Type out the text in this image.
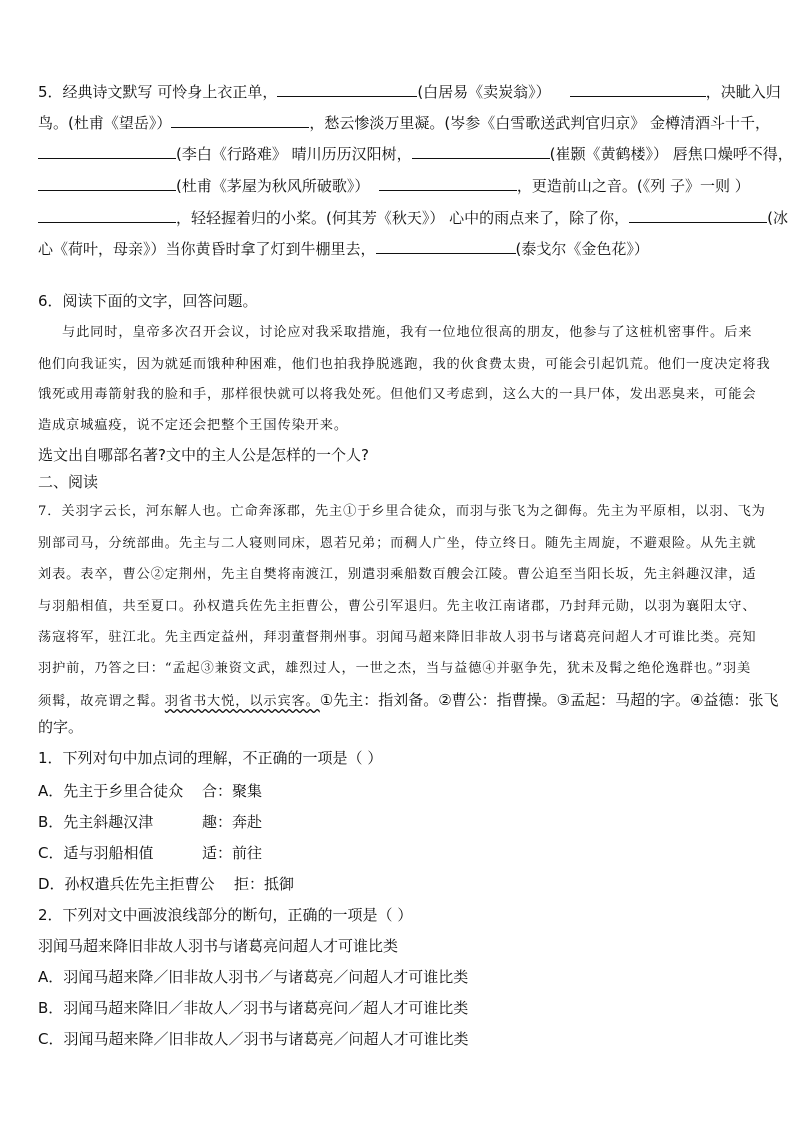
5．经典诗文默写 可怜身上衣正单，	(白居易《卖炭翁》）	，决眦入归
鸟。(杜甫《望岳》）	，愁云惨淡万里凝。(岑参《白雪歌送武判官归京》 金樽清酒斗十千，
(李白《行路难》 晴川历历汉阳树，	(崔颢《黄鹤楼》） 唇焦口燥呼不得，
(杜甫《茅屋为秋风所破歌》）	，更造前山之音。(《列 子》一则 ）
，轻轻握着归的小桨。(何其芳《秋天》） 心中的雨点来了，除了你，	(冰
心《荷叶，母亲》）当你黄昏时拿了灯到牛棚里去，	(泰戈尔《金色花》）
6．阅读下面的文字，回答问题。
与此同时，皇帝多次召开会议，讨论应对我采取措施，我有一位地位很高的朋友，他参与了这桩机密事件。后来
他们向我证实，因为就延而饿种种困难，他们也拍我挣脱逃跑，我的伙食费太贵，可能会引起饥荒。他们一度决定将我
饿死或用毒箭射我的脸和手，那样很快就可以将我处死。但他们又考虑到，这么大的一具尸体，发出恶臭来，可能会
造成京城瘟疫，说不定还会把整个王国传染开来。
选文出自哪部名著?文中的主人公是怎样的一个人?
二、阅读
7．关羽字云长，河东解人也。亡命奔涿郡，先主①于乡里合徒众，而羽与张飞为之御侮。先主为平原相，以羽、飞为
别部司马，分统部曲。先主与二人寝则同床，恩若兄弟；而稠人广坐，侍立终日。随先主周旋，不避艰险。从先主就
刘表。表卒，曹公②定荆州，先主自樊将南渡江，别遣羽乘船数百艘会江陵。曹公追至当阳长坂，先主斜趣汉津，适
与羽船相值，共至夏口。孙权遣兵佐先主拒曹公，曹公引军退归。先主收江南诸郡，乃封拜元勋，以羽为襄阳太守、
荡寇将军，驻江北。先主西定益州，拜羽董督荆州事。羽闻马超来降旧非故人羽书与诸葛亮问超人才可谁比类。亮知
羽护前，乃答之曰：“孟起③兼资文武，雄烈过人，一世之杰，当与益德④并驱争先，犹未及髯之绝伦逸群也。”羽美
须髯，故亮谓之髯。羽省书大悦，以示宾客。①先主：指刘备。②曹公：指曹操。③孟起：马超的字。④益德：张飞
的字。
1．下列对句中加点词的理解，不正确的一项是（ ）
A．先主于乡里合徒众 合：聚集
B．先主斜趣汉津	趣：奔赴
C．适与羽船相值	适：前往
D．孙权遣兵佐先主拒曹公 拒：抵御
2．下列对文中画波浪线部分的断句，正确的一项是（ ）
羽闻马超来降旧非故人羽书与诸葛亮问超人才可谁比类
A．羽闻马超来降／旧非故人羽书／与诸葛亮／问超人才可谁比类
B．羽闻马超来降旧／非故人／羽书与诸葛亮问／超人才可谁比类
C．羽闻马超来降／旧非故人／羽书与诸葛亮／问超人才可谁比类
